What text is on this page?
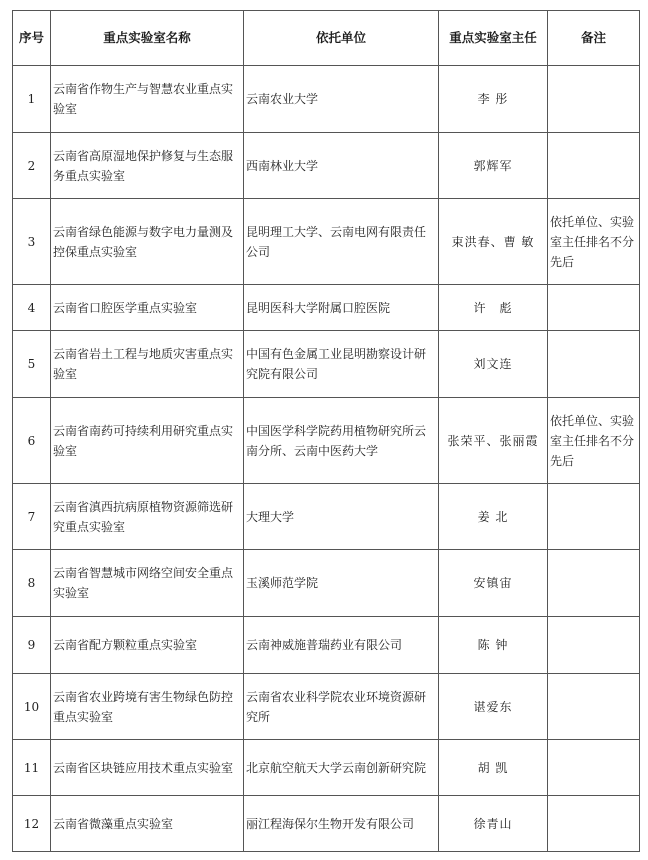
序号	重点实验室名称	依托单位	重点实验室主任	备注
1	云南省作物生产与智慧农业重点实验室	云南农业大学	李 彤	
2	云南省高原湿地保护修复与生态服务重点实验室	西南林业大学	郭辉军	
3	云南省绿色能源与数字电力量测及控保重点实验室	昆明理工大学、云南电网有限责任公司	束洪春、曹 敏	依托单位、实验室主任排名不分先后
4	云南省口腔医学重点实验室	昆明医科大学附属口腔医院	许　彪	
5	云南省岩土工程与地质灾害重点实验室	中国有色金属工业昆明勘察设计研究院有限公司	刘文连	
6	云南省南药可持续利用研究重点实验室	中国医学科学院药用植物研究所云南分所、云南中医药大学	张荣平、张丽霞	依托单位、实验室主任排名不分先后
7	云南省滇西抗病原植物资源筛选研究重点实验室	大理大学	姜 北	
8	云南省智慧城市网络空间安全重点实验室	玉溪师范学院	安镇宙	
9	云南省配方颗粒重点实验室	云南神威施普瑞药业有限公司	陈 钟	
10	云南省农业跨境有害生物绿色防控重点实验室	云南省农业科学院农业环境资源研究所	谌爱东	
11	云南省区块链应用技术重点实验室	北京航空航天大学云南创新研究院	胡 凯	
12	云南省微藻重点实验室	丽江程海保尔生物开发有限公司	徐青山	
